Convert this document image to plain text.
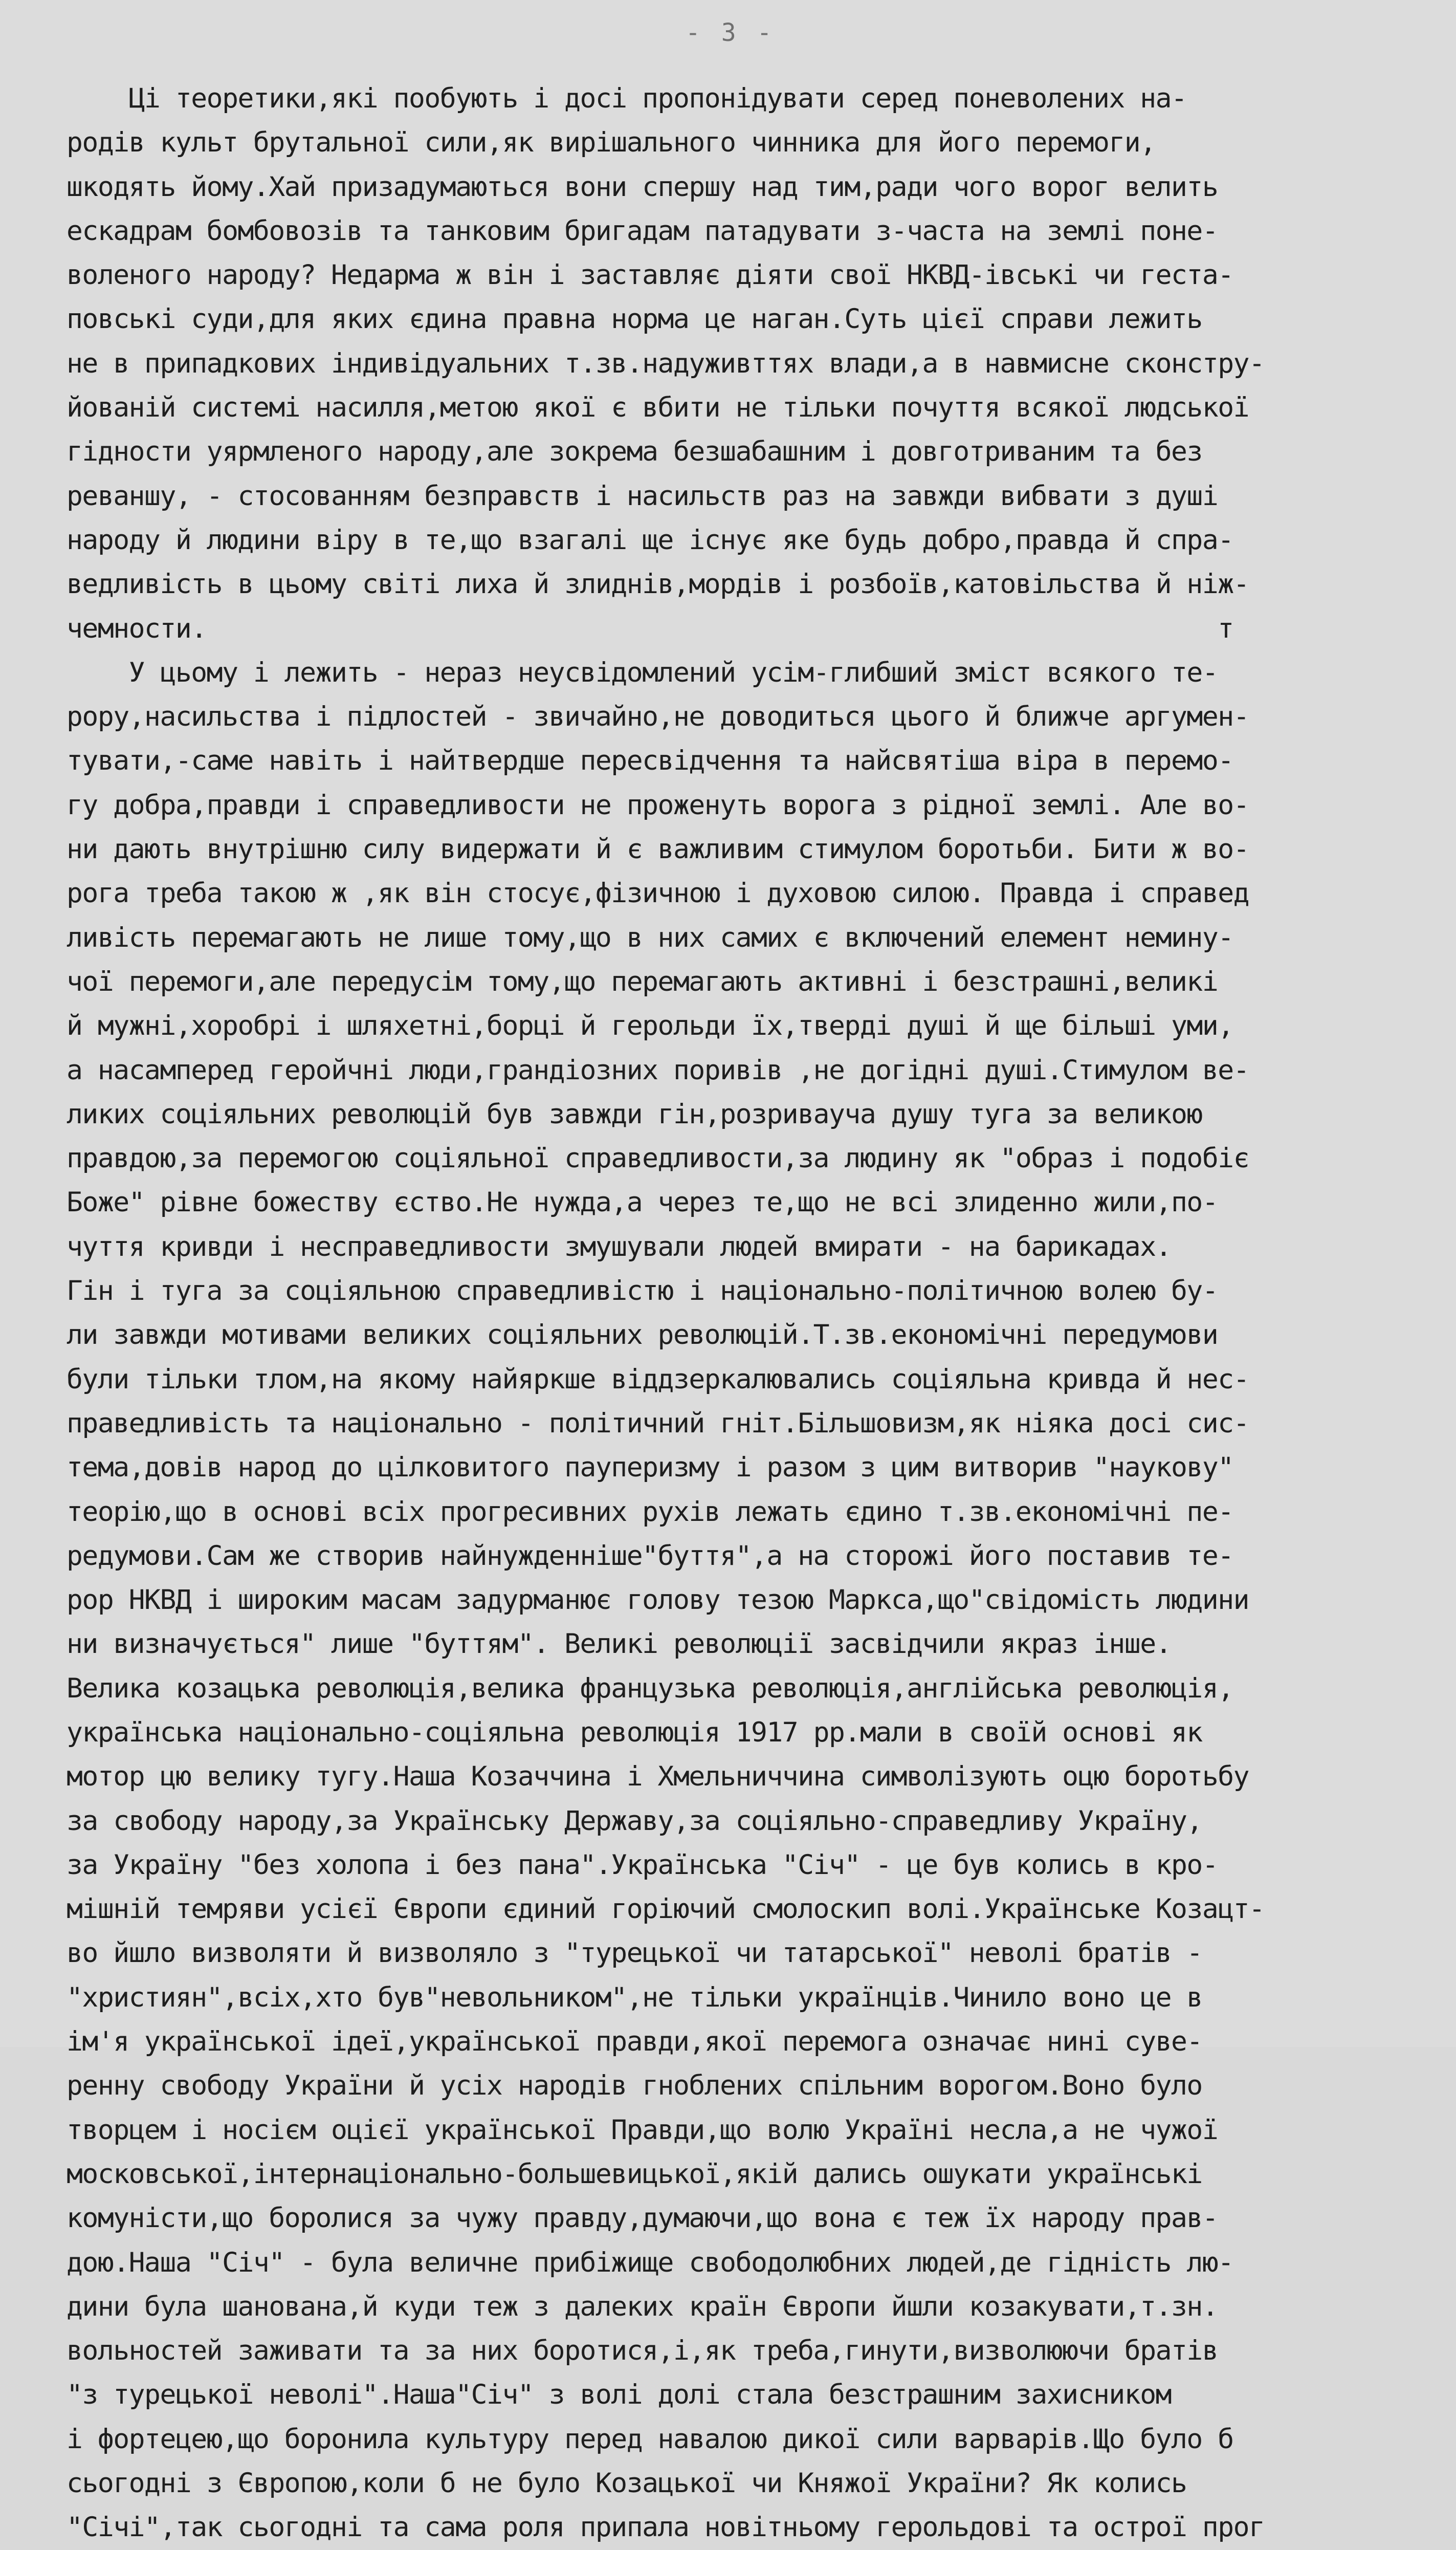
- 3 -
Ці теоретики,які пообують і досі пропонідувати серед поневолених на-
родів культ брутальної сили,як вирішального чинника для його перемоги,
шкодять йому.Хай призадумаються вони спершу над тим,ради чого ворог велить
ескадрам бомбовозів та танковим бригадам патадувати з-часта на землі поне-
воленого народу? Недарма ж він і заставляє діяти свої НКВД-івські чи геста-
повські суди,для яких єдина правна норма це наган.Суть цієї справи лежить
не в припадкових індивідуальних т.зв.надуживттях влади,а в навмисне сконстру-
йованій системі насилля,метою якої є вбити не тільки почуття всякої людської
гідности уярмленого народу,але зокрема безшабашним і довготриваним та без
реваншу, - стосованням безправств і насильств раз на завжди вибвати з душі
народу й людини віру в те,що взагалі ще існує яке будь добро,правда й спра-
ведливість в цьому світі лиха й злиднів,мордів і розбоїв,катовільства й ніж-
чемности.                                                                 т
У цьому і лежить - нераз неусвідомлений усім-глибший зміст всякого те-
рору,насильства і підлостей - звичайно,не доводиться цього й ближче аргумен-
тувати,-саме навіть і найтвердше пересвідчення та найсвятіша віра в перемо-
гу добра,правди і справедливости не проженуть ворога з рідної землі. Але во-
ни дають внутрішню силу видержати й є важливим стимулом боротьби. Бити ж во-
рога треба такою ж ,як він стосує,фізичною і духовою силою. Правда і справед
ливість перемагають не лише тому,що в них самих є включений елемент немину-
чої перемоги,але передусім тому,що перемагають активні і безстрашні,великі
й мужні,хоробрі і шляхетні,борці й герольди їх,тверді душі й ще більші уми,
а насамперед геройчні люди,грандіозних поривів ,не догідні душі.Стимулом ве-
ликих соціяльних революцій був завжди гін,розривауча душу туга за великою
правдою,за перемогою соціяльної справедливости,за людину як "образ і подобіє
Боже" рівне божеству єство.Не нужда,а через те,що не всі злиденно жили,по-
чуття кривди і несправедливости змушували людей вмирати - на барикадах.
Гін і туга за соціяльною справедливістю і національно-політичною волею бу-
ли завжди мотивами великих соціяльних революцій.Т.зв.економічні передумови
були тільки тлом,на якому найяркше віддзеркалювались соціяльна кривда й нес-
праведливість та національно - політичний гніт.Більшовизм,як ніяка досі сис-
тема,довів народ до цілковитого пауперизму і разом з цим витворив "наукову"
теорію,що в основі всіх прогресивних рухів лежать єдино т.зв.економічні пе-
редумови.Сам же створив найнужденніше"буття",а на сторожі його поставив те-
рор НКВД і широким масам задурманює голову тезою Маркса,що"свідомість людини
ни визначується" лише "буттям". Великі революції засвідчили якраз інше.
Велика козацька революція,велика французька революція,англійська революція,
українська національно-соціяльна революція 1917 рр.мали в своїй основі як
мотор цю велику тугу.Наша Козаччина і Хмельниччина символізують оцю боротьбу
за свободу народу,за Українську Державу,за соціяльно-справедливу Україну,
за Україну "без холопа і без пана".Українська "Січ" - це був колись в кро-
мішній темряви усієї Європи єдиний горіючий смолоскип волі.Українське Козацт-
во йшло визволяти й визволяло з "турецької чи татарської" неволі братів -
"християн",всіх,хто був"невольником",не тільки українців.Чинило воно це в
ім'я української ідеї,української правди,якої перемога означає нині суве-
ренну свободу України й усіх народів гноблених спільним ворогом.Воно було
творцем і носієм оцієї української Правди,що волю Україні несла,а не чужої
московської,інтернаціонально-большевицької,якій дались ошукати українські
комуністи,що боролися за чужу правду,думаючи,що вона є теж їх народу прав-
дою.Наша "Січ" - була величне прибіжище свободолюбних людей,де гідність лю-
дини була шанована,й куди теж з далеких країн Європи йшли козакувати,т.зн.
вольностей заживати та за них боротися,і,як треба,гинути,визволюючи братів
"з турецької неволі".Наша"Січ" з волі долі стала безстрашним захисником
і фортецею,що боронила культуру перед навалою дикої сили варварів.Що було б
сьогодні з Європою,коли б не було Козацької чи Княжої України? Як колись
"Січі",так сьогодні та сама роля припала новітньому герольдові та острої прог
